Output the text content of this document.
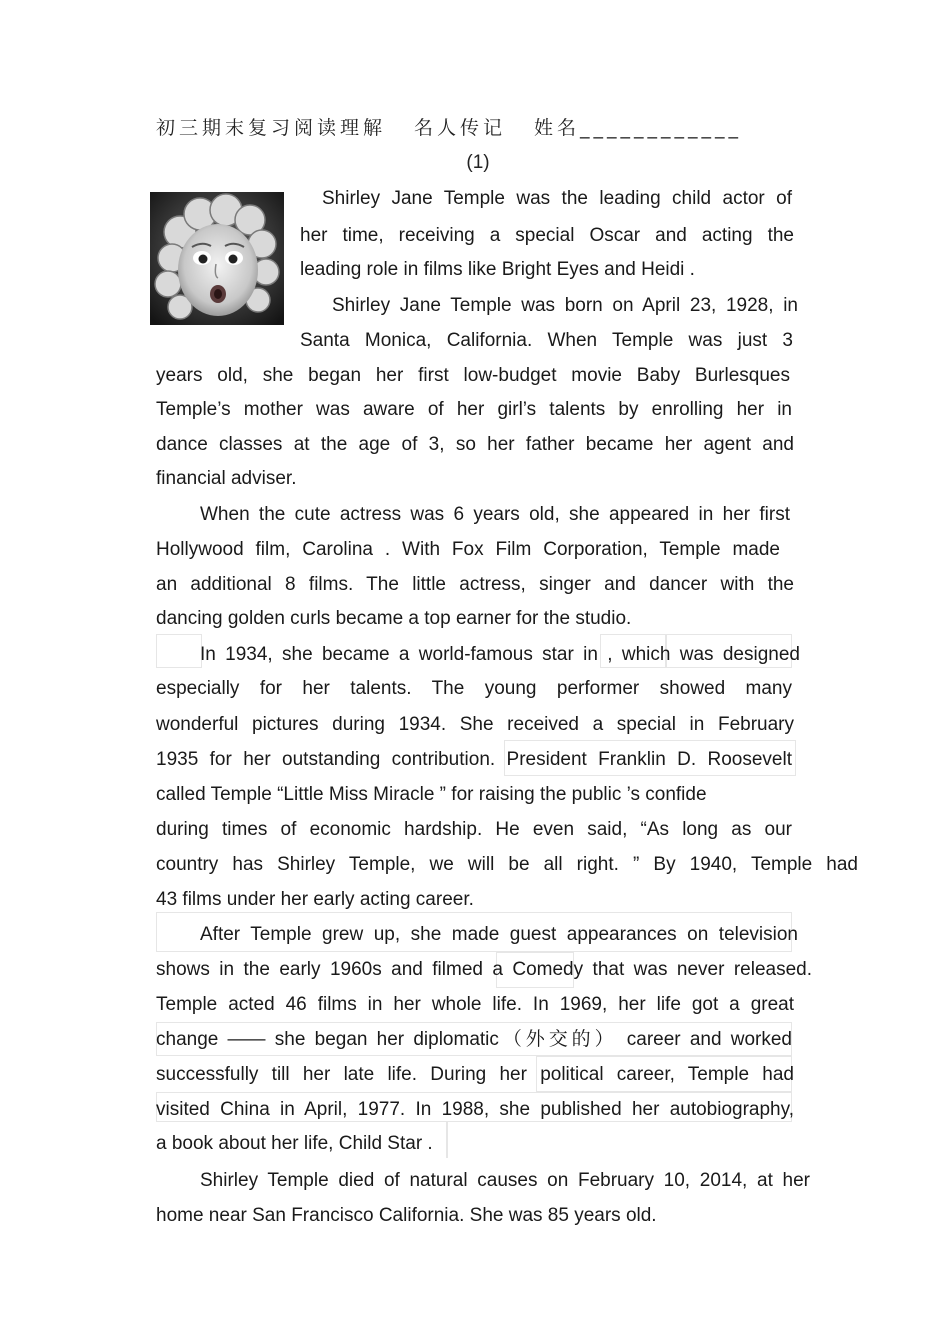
初三期末复习阅读理解 名人传记 姓名____________
(1)
Shirley Jane Temple was the leading child actor of
her time, receiving a special Oscar and acting the
leading role in films like Bright Eyes and Heidi .
Shirley Jane Temple was born on April 23, 1928, in
Santa Monica, California. When Temple was just 3
years old, she began her first low-budget movie Baby Burlesques
Temple’s mother was aware of her girl’s talents by enrolling her in
dance classes at the age of 3, so her father became her agent and
financial adviser.
When the cute actress was 6 years old, she appeared in her first
Hollywood film, Carolina . With Fox Film Corporation, Temple made
an additional 8 films. The little actress, singer and dancer with the
dancing golden curls became a top earner for the studio.
In 1934, she became a world-famous star in , which was designed
especially for her talents. The young performer showed many
wonderful pictures during 1934. She received a special in February
1935 for her outstanding contribution. President Franklin D. Roosevelt
called Temple “Little Miss Miracle ” for raising the public ’s confide
during times of economic hardship. He even said, “As long as our
country has Shirley Temple, we will be all right. ” By 1940, Temple had
43 films under her early acting career.
After Temple grew up, she made guest appearances on television
shows in the early 1960s and filmed a Comedy that was never released.
Temple acted 46 films in her whole life. In 1969, her life got a great
change —— she began her diplomatic（外交的） career and worked
successfully till her late life. During her political career, Temple had
visited China in April, 1977. In 1988, she published her autobiography,
a book about her life, Child Star .
Shirley Temple died of natural causes on February 10, 2014, at her
home near San Francisco California. She was 85 years old.
